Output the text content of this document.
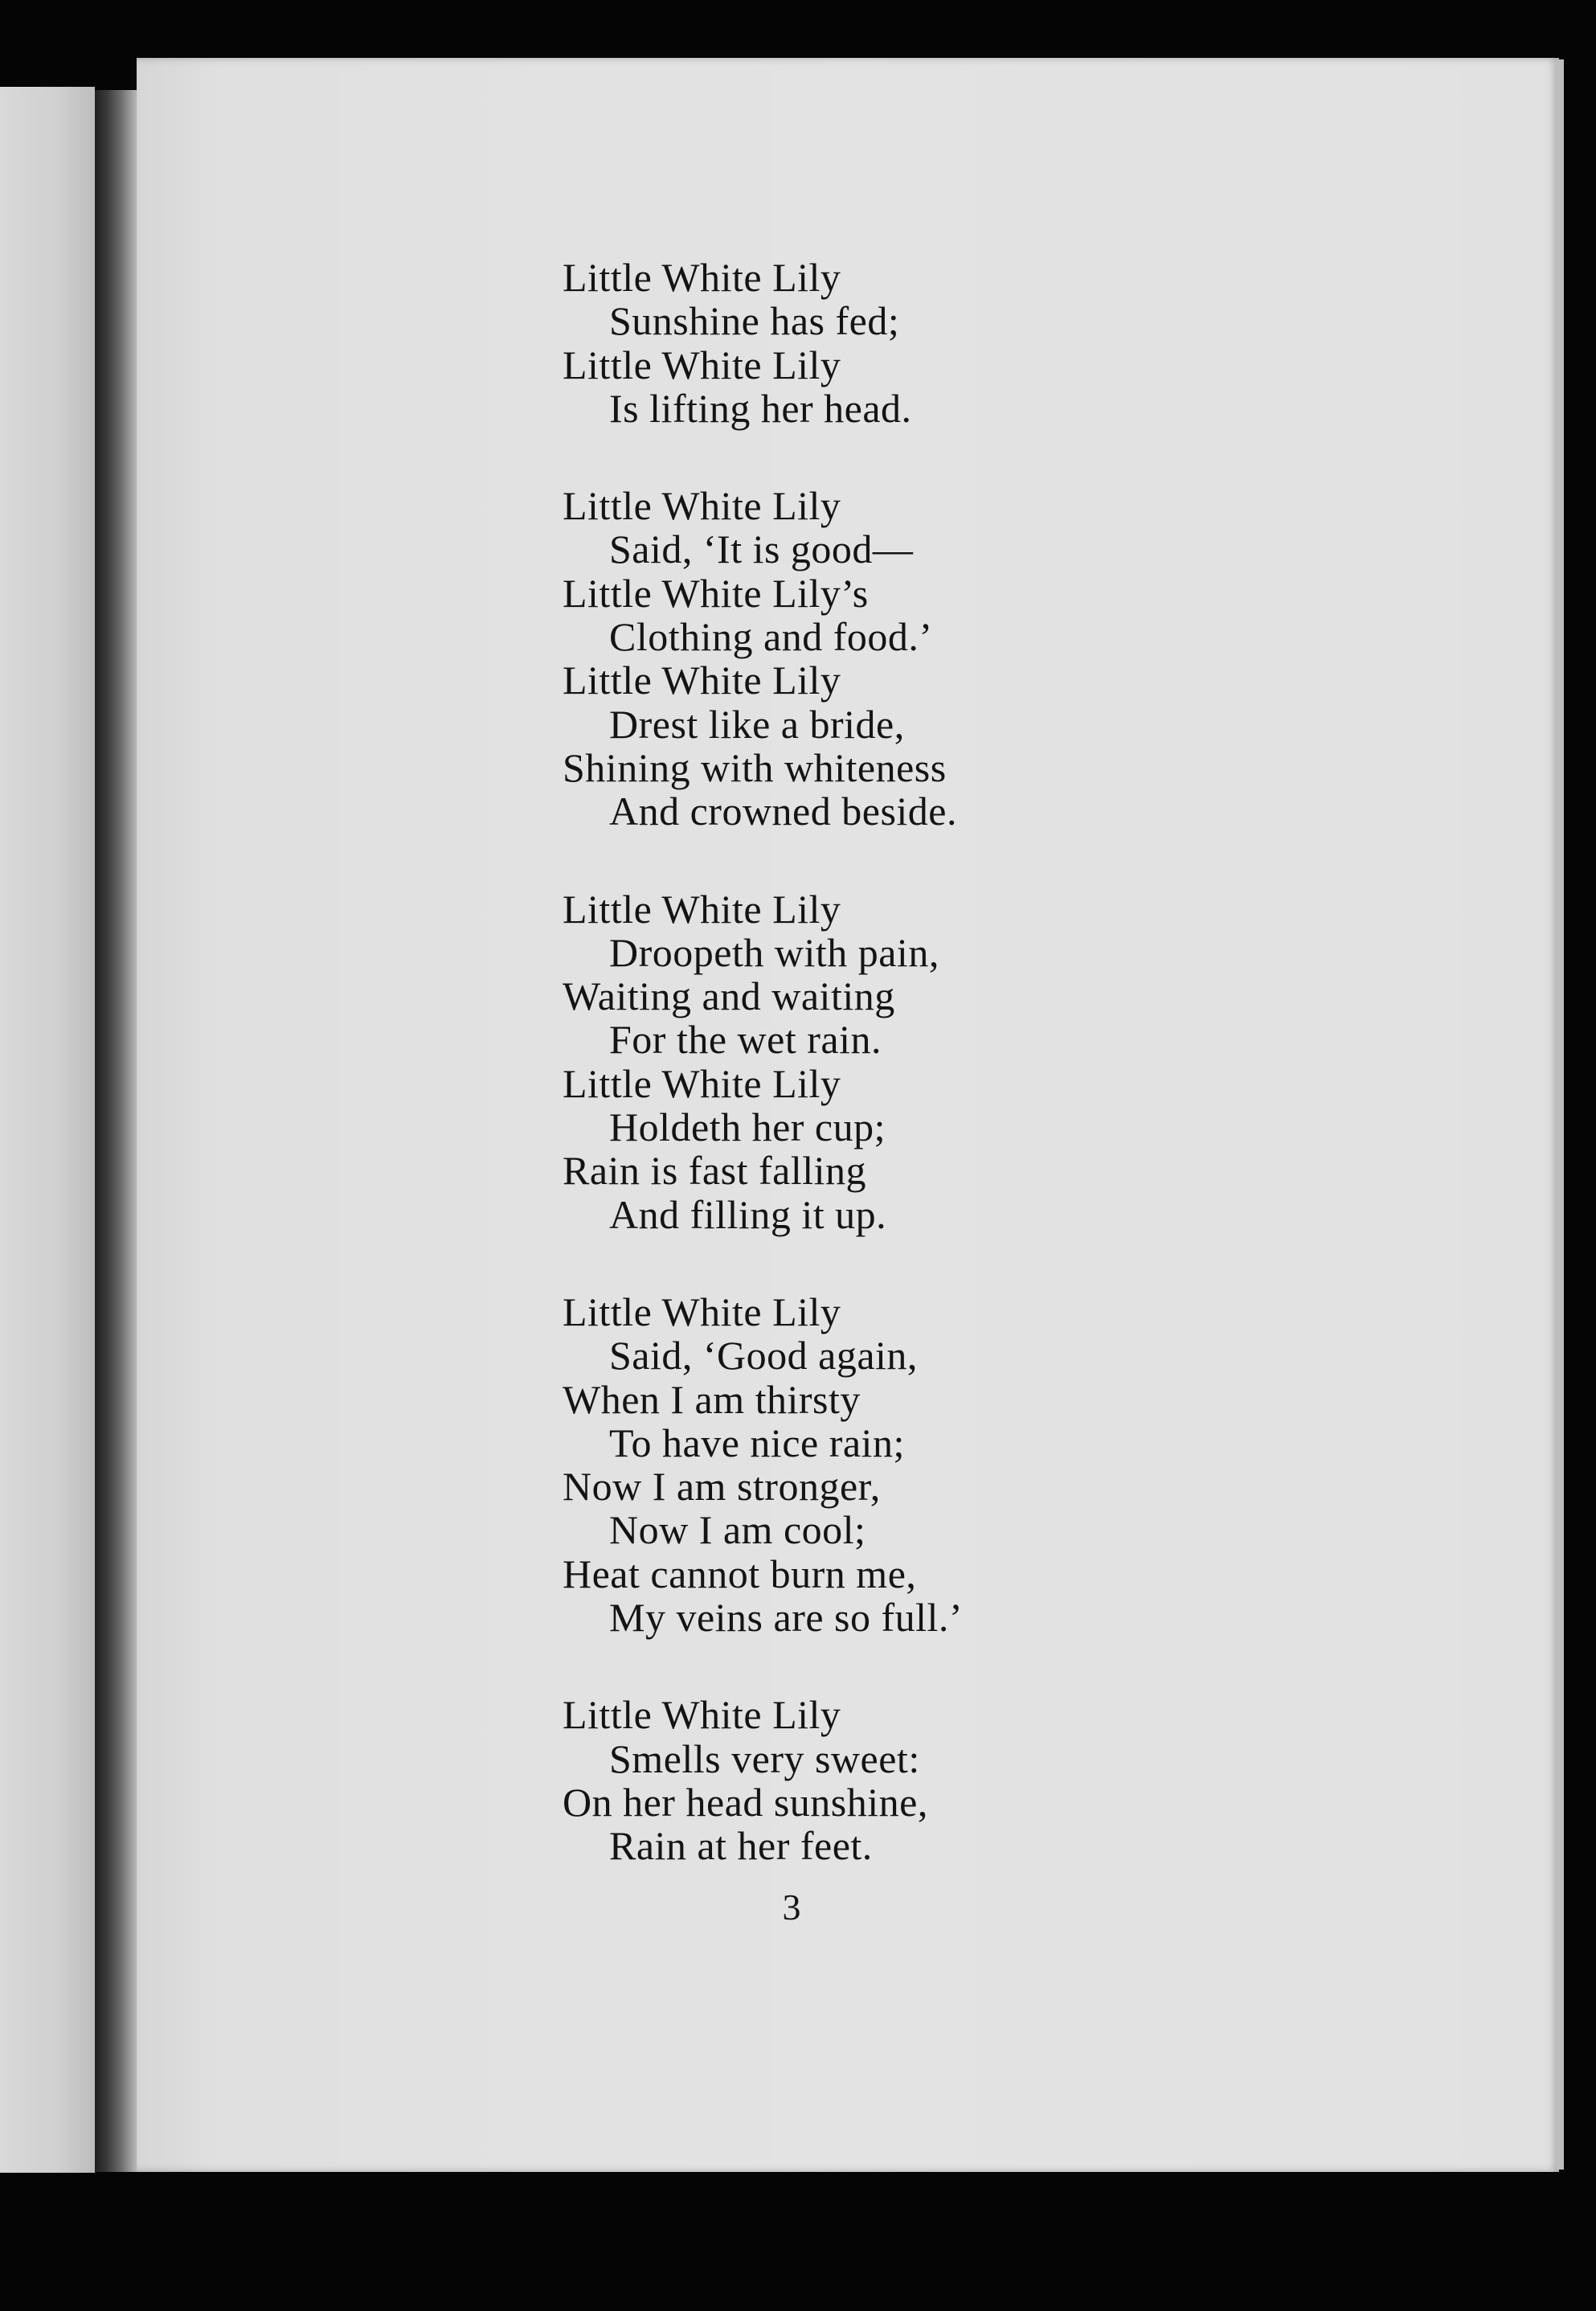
Little White Lily
Sunshine has fed;
Little White Lily
Is lifting her head.
Little White Lily
Said, ‘It is good—
Little White Lily’s
Clothing and food.’
Little White Lily
Drest like a bride,
Shining with whiteness
And crowned beside.
Little White Lily
Droopeth with pain,
Waiting and waiting
For the wet rain.
Little White Lily
Holdeth her cup;
Rain is fast falling
And filling it up.
Little White Lily
Said, ‘Good again,
When I am thirsty
To have nice rain;
Now I am stronger,
Now I am cool;
Heat cannot burn me,
My veins are so full.’
Little White Lily
Smells very sweet:
On her head sunshine,
Rain at her feet.
3
